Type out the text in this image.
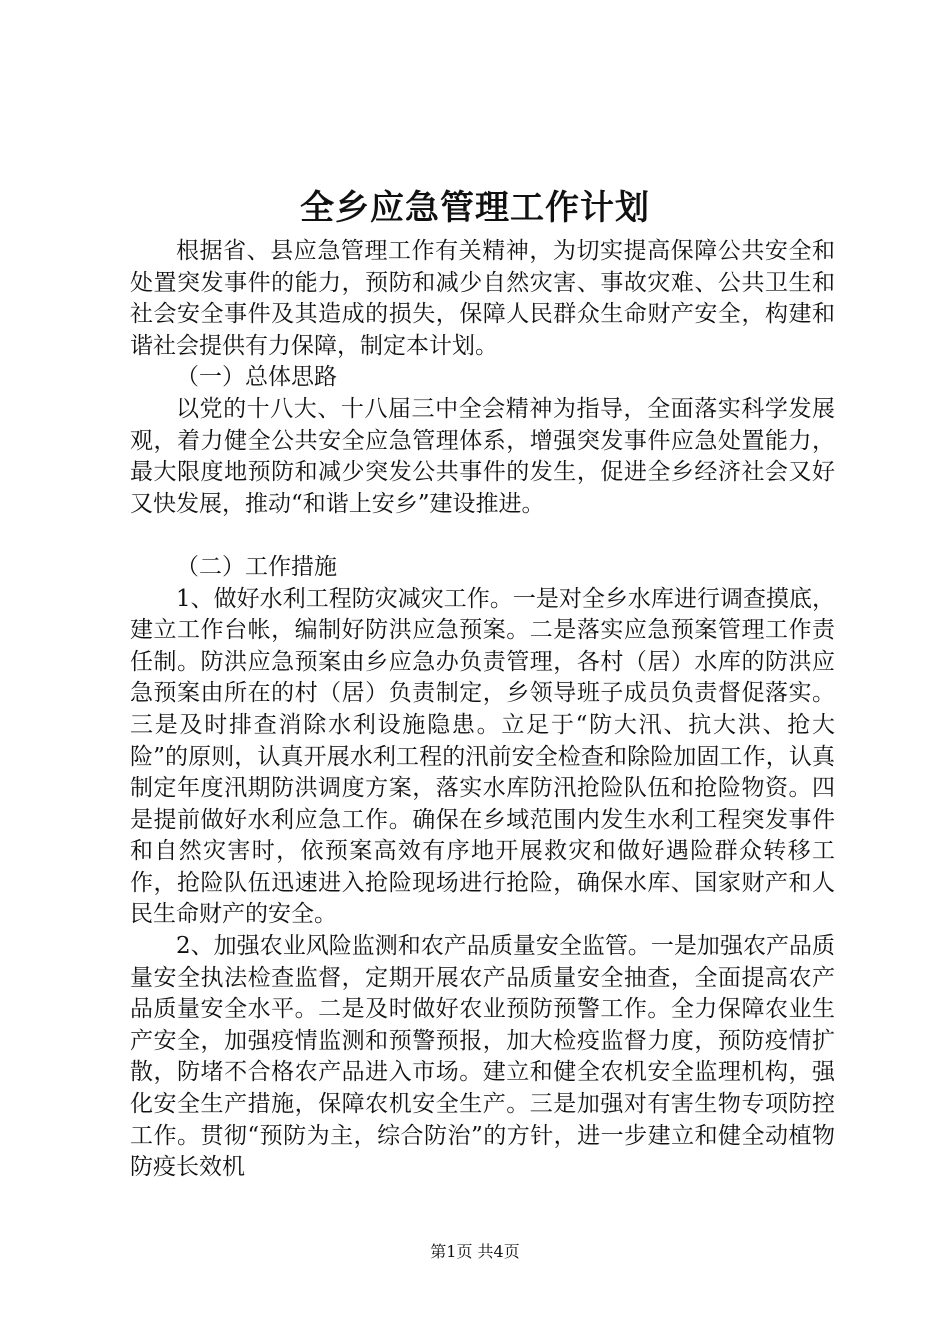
全乡应急管理工作计划

根据省、县应急管理工作有关精神，为切实提高保障公共安全和处置突发事件的能力，预防和减少自然灾害、事故灾难、公共卫生和社会安全事件及其造成的损失，保障人民群众生命财产安全，构建和谐社会提供有力保障，制定本计划。

（一）总体思路

以党的十八大、十八届三中全会精神为指导，全面落实科学发展观，着力健全公共安全应急管理体系，增强突发事件应急处置能力，最大限度地预防和减少突发公共事件的发生，促进全乡经济社会又好又快发展，推动“和谐上安乡”建设推进。

（二）工作措施

1、做好水利工程防灾减灾工作。一是对全乡水库进行调查摸底，建立工作台帐，编制好防洪应急预案。二是落实应急预案管理工作责任制。防洪应急预案由乡应急办负责管理，各村（居）水库的防洪应急预案由所在的村（居）负责制定，乡领导班子成员负责督促落实。三是及时排查消除水利设施隐患。立足于“防大汛、抗大洪、抢大险”的原则，认真开展水利工程的汛前安全检查和除险加固工作，认真制定年度汛期防洪调度方案，落实水库防汛抢险队伍和抢险物资。四是提前做好水利应急工作。确保在乡域范围内发生水利工程突发事件和自然灾害时，依预案高效有序地开展救灾和做好遇险群众转移工作，抢险队伍迅速进入抢险现场进行抢险，确保水库、国家财产和人民生命财产的安全。

2、加强农业风险监测和农产品质量安全监管。一是加强农产品质量安全执法检查监督，定期开展农产品质量安全抽查，全面提高农产品质量安全水平。二是及时做好农业预防预警工作。全力保障农业生产安全，加强疫情监测和预警预报，加大检疫监督力度，预防疫情扩散，防堵不合格农产品进入市场。建立和健全农机安全监理机构，强化安全生产措施，保障农机安全生产。三是加强对有害生物专项防控工作。贯彻“预防为主，综合防治”的方针，进一步建立和健全动植物防疫长效机

第1页 共4页
